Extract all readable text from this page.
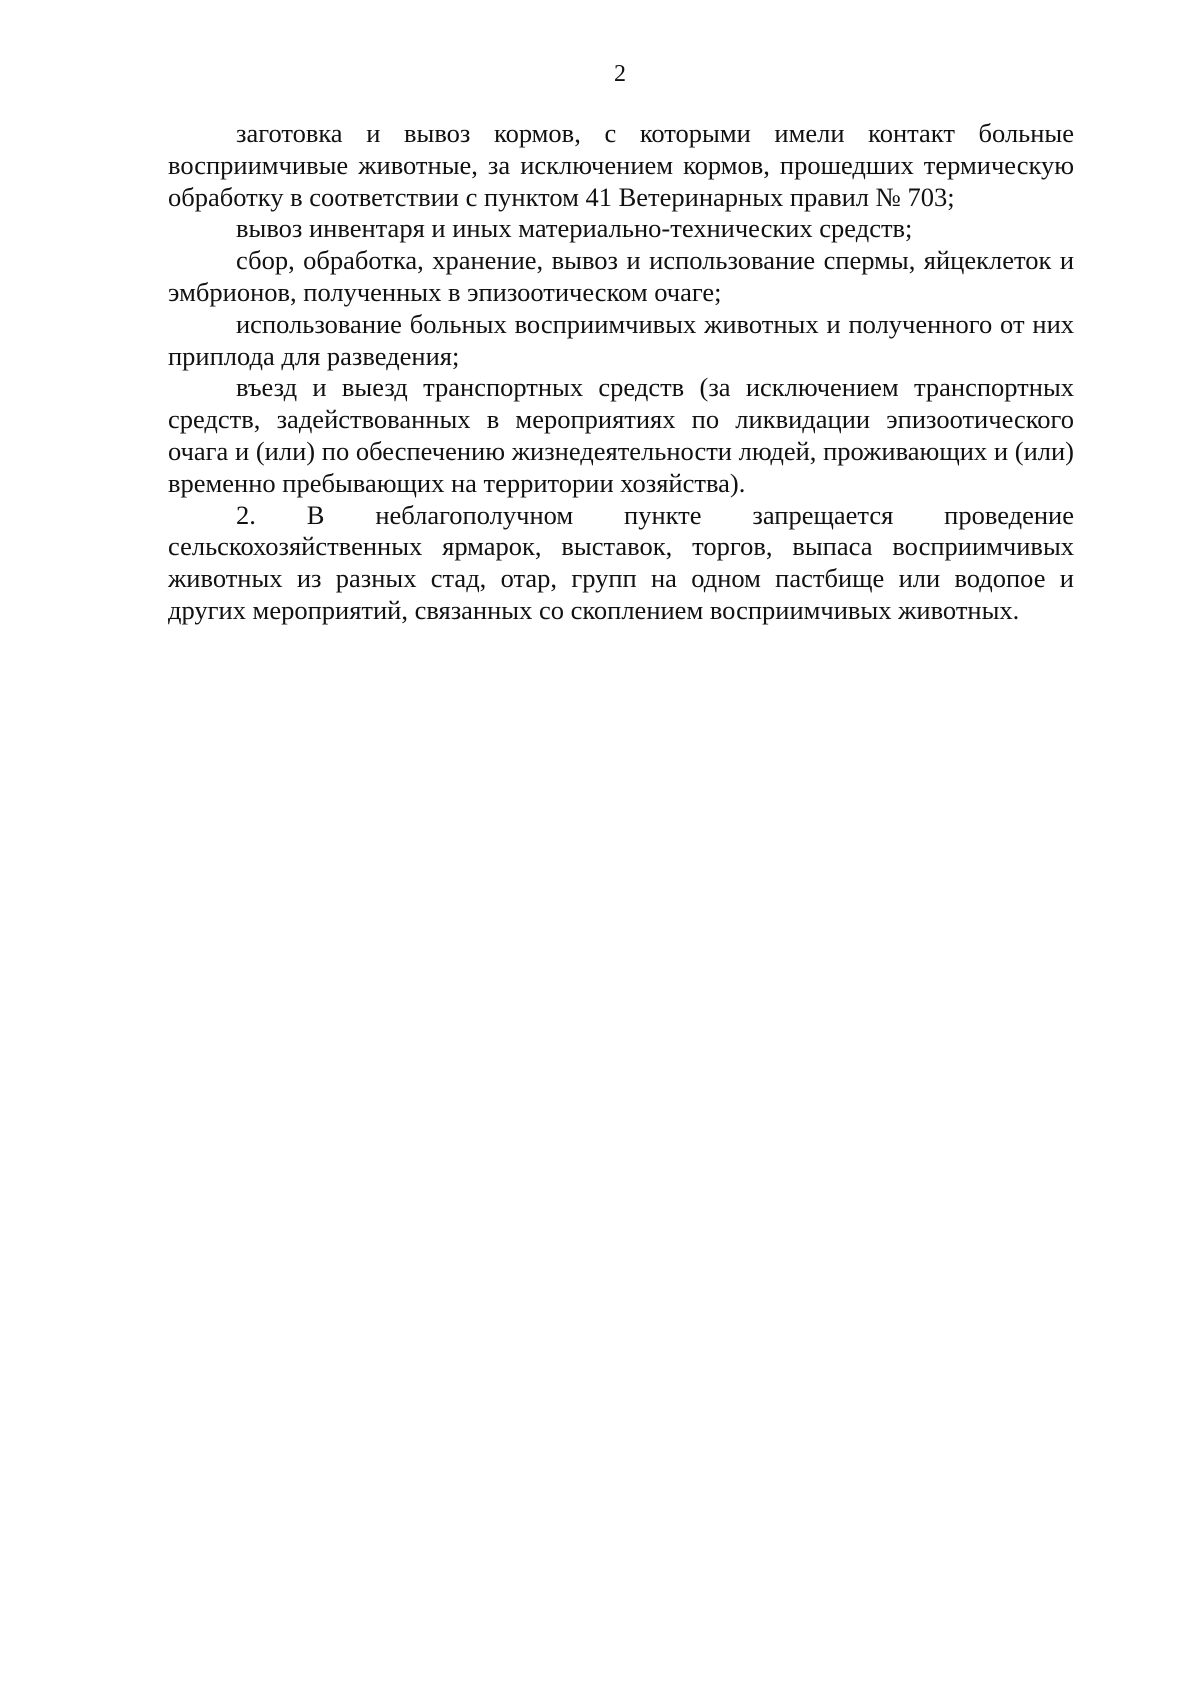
2

заготовка и вывоз кормов, с которыми имели контакт больные восприимчивые животные, за исключением кормов, прошедших термическую обработку в соответствии с пунктом 41 Ветеринарных правил № 703;

вывоз инвентаря и иных материально-технических средств;

сбор, обработка, хранение, вывоз и использование спермы, яйцеклеток и эмбрионов, полученных в эпизоотическом очаге;

использование больных восприимчивых животных и полученного от них приплода для разведения;

въезд и выезд транспортных средств (за исключением транспортных средств, задействованных в мероприятиях по ликвидации эпизоотического очага и (или) по обеспечению жизнедеятельности людей, проживающих и (или) временно пребывающих на территории хозяйства).

2. В неблагополучном пункте запрещается проведение сельскохозяйственных ярмарок, выставок, торгов, выпаса восприимчивых животных из разных стад, отар, групп на одном пастбище или водопое и других мероприятий, связанных со скоплением восприимчивых животных.
